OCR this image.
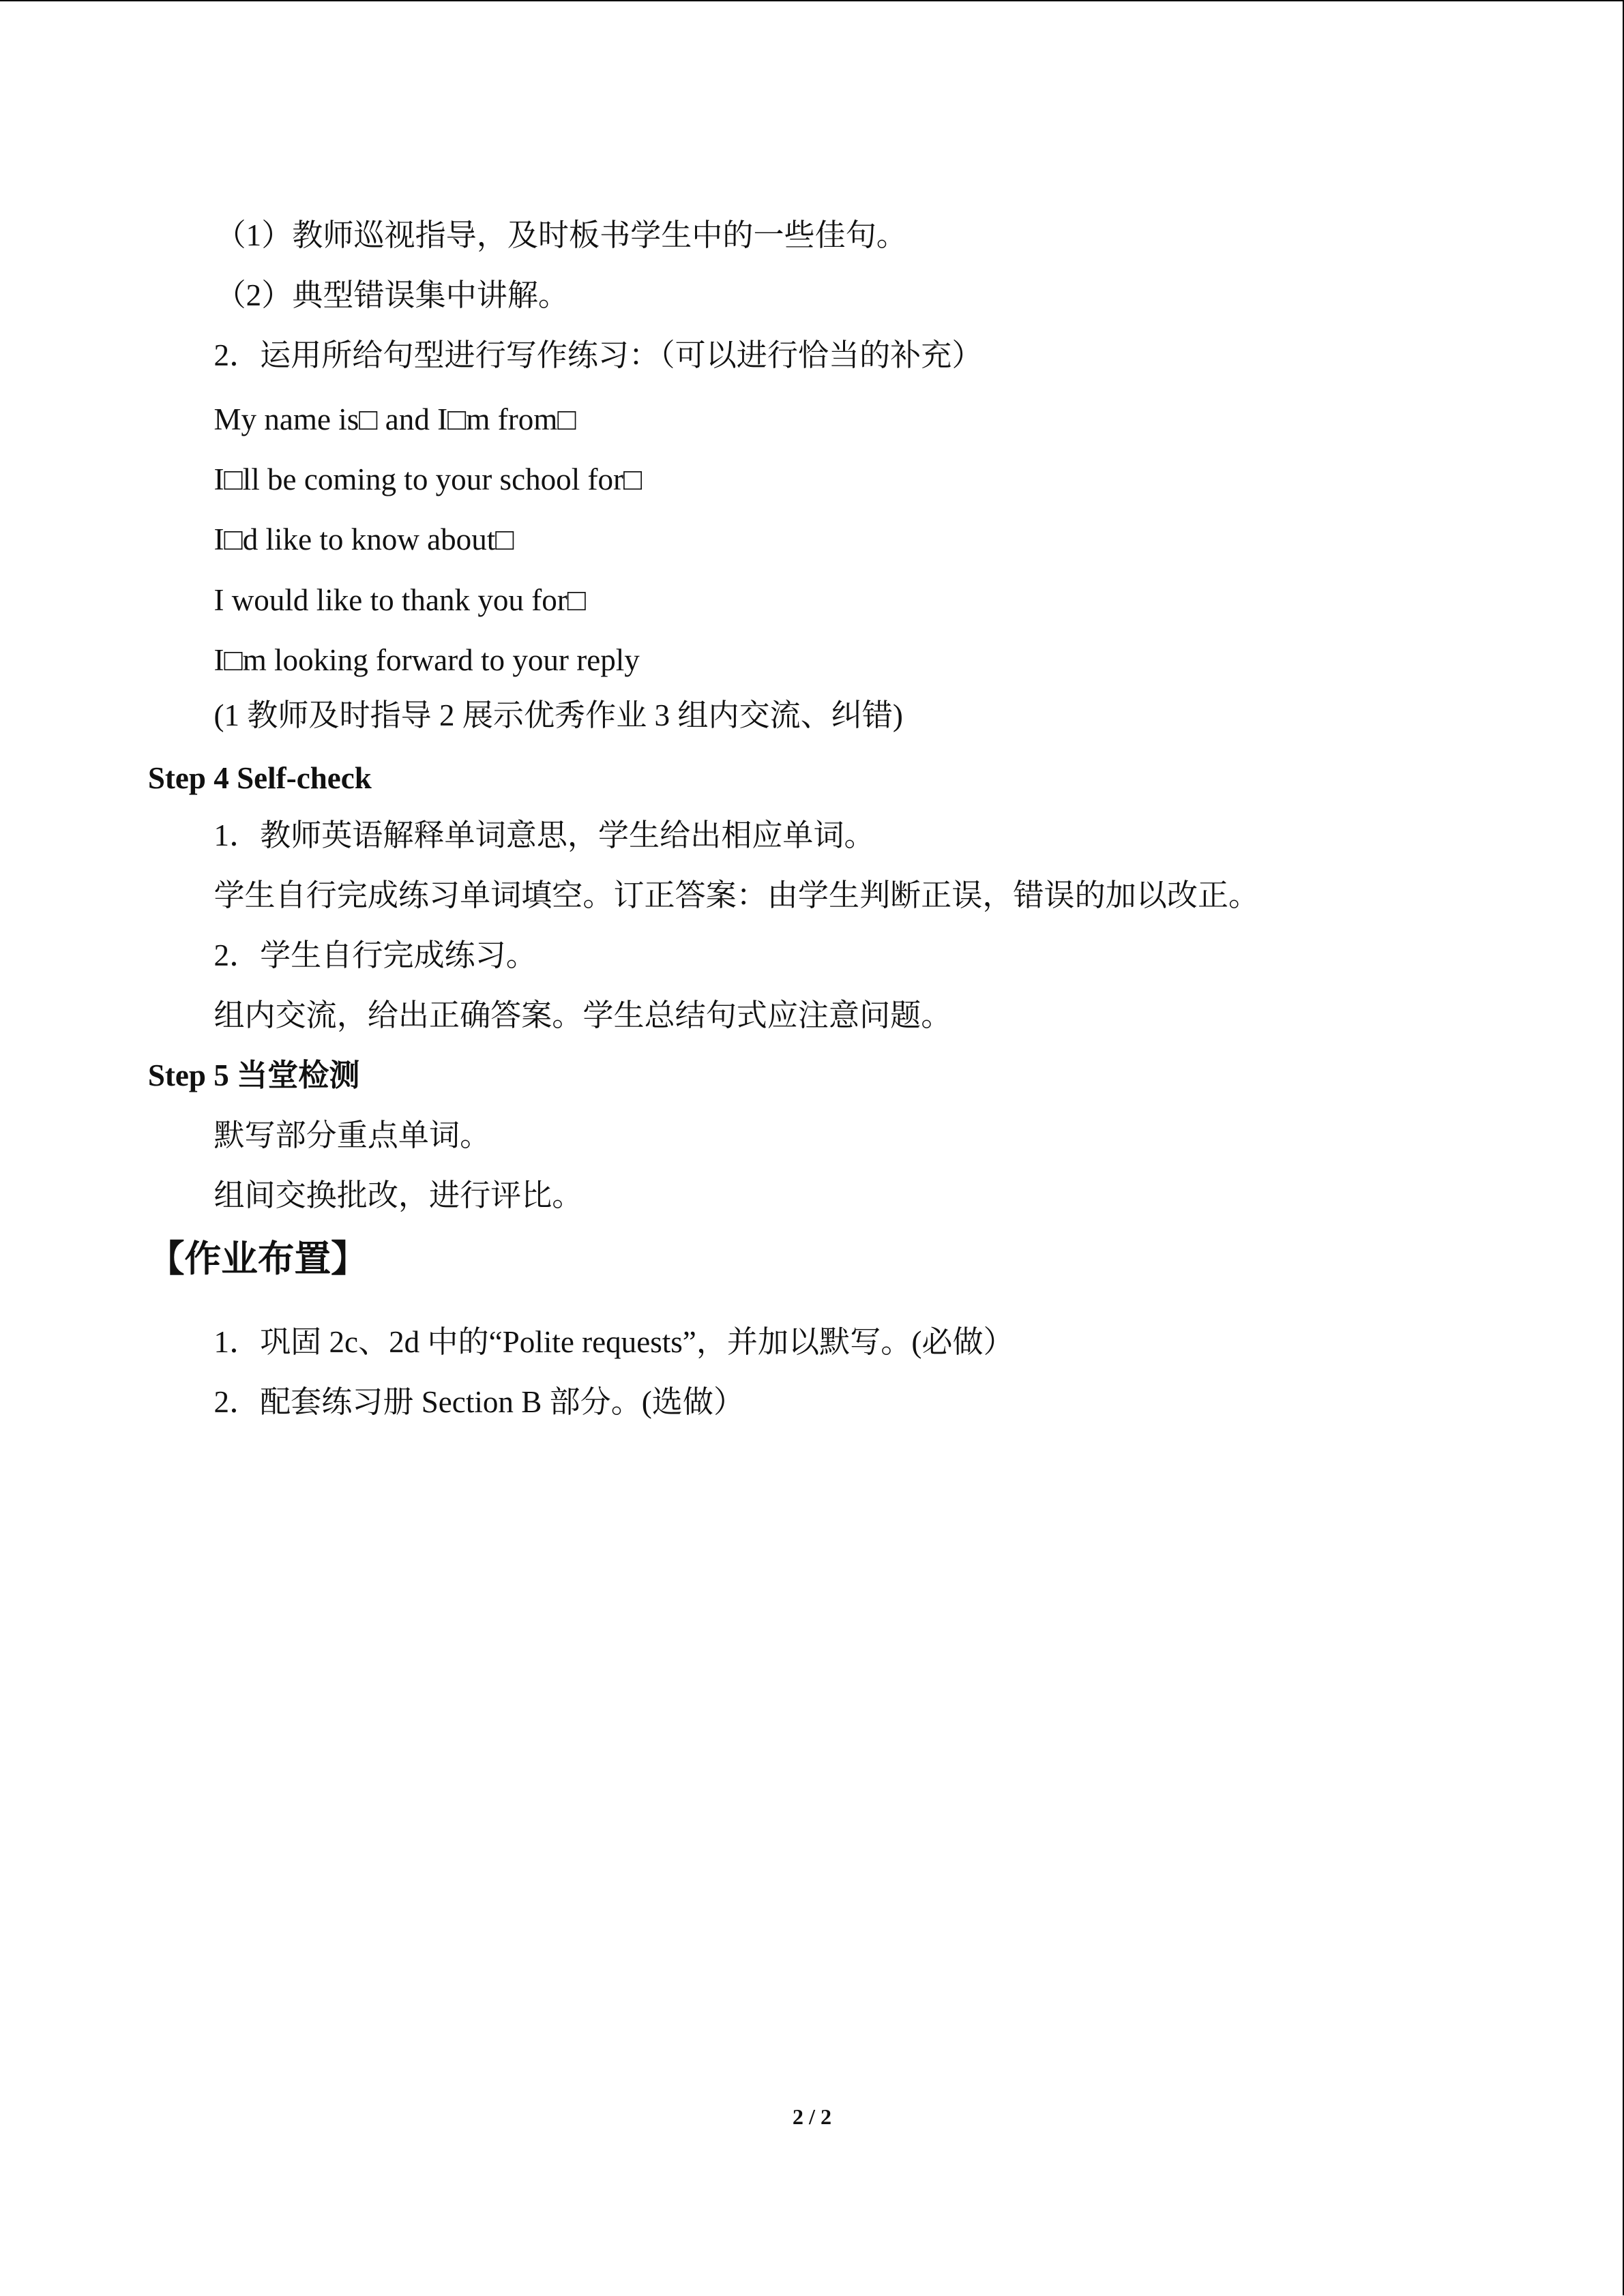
（1）教师巡视指导，及时板书学生中的一些佳句。
（2）典型错误集中讲解。
2．运用所给句型进行写作练习：（可以进行恰当的补充）
My name is□ and I□m from□
I□ll be coming to your school for□
I□d like to know about□
I would like to thank you for□
I□m looking forward to your reply
(1 教师及时指导 2 展示优秀作业 3 组内交流、纠错)
Step 4 Self-check
1．教师英语解释单词意思，学生给出相应单词。
学生自行完成练习单词填空。订正答案：由学生判断正误，错误的加以改正。
2．学生自行完成练习。
组内交流，给出正确答案。学生总结句式应注意问题。
Step 5 当堂检测
默写部分重点单词。
组间交换批改，进行评比。
【作业布置】
1．巩固 2c、2d 中的“Polite requests”，并加以默写。(必做）
2．配套练习册 Section B 部分。(选做）
2 / 2
